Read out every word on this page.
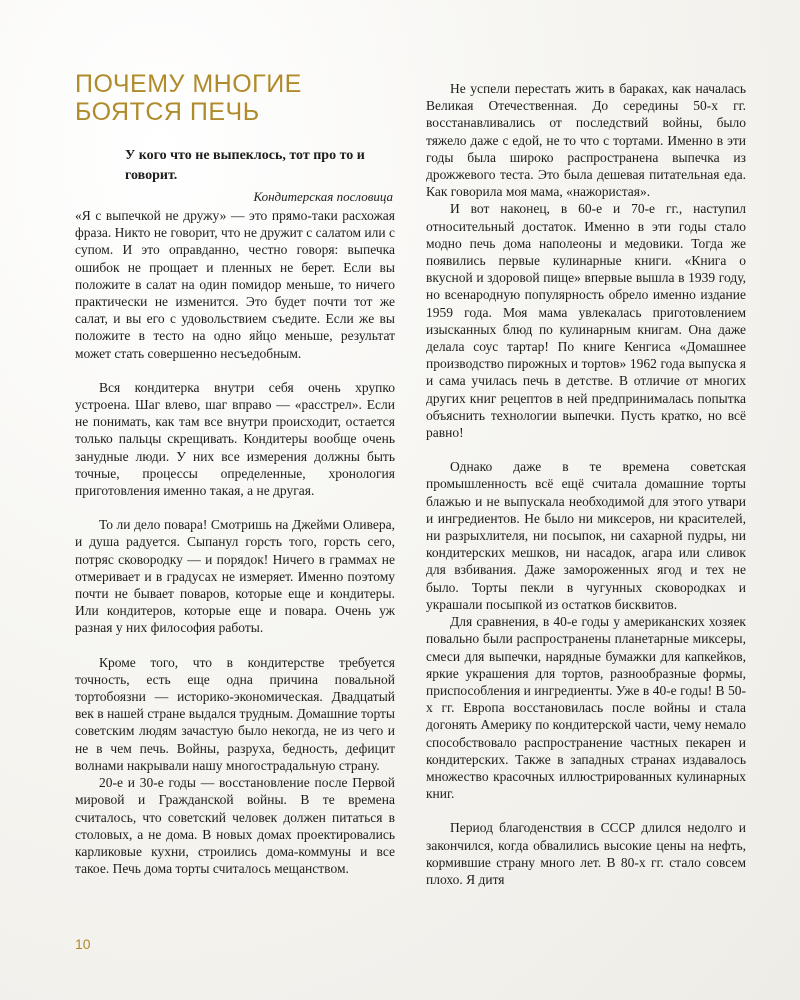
ПОЧЕМУ МНОГИЕ
БОЯТСЯ ПЕЧЬ

У кого что не выпеклось, тот про то и говорит.

Кондитерская пословица

«Я с выпечкой не дружу» — это прямо-таки расхожая фраза. Никто не говорит, что не дружит с салатом или с супом. И это оправданно, честно говоря: выпечка ошибок не прощает и пленных не берет. Если вы положите в салат на один помидор меньше, то ничего практически не изменится. Это будет почти тот же салат, и вы его с удовольствием съедите. Если же вы положите в тесто на одно яйцо меньше, результат может стать совершенно несъедобным.

Вся кондитерка внутри себя очень хрупко устроена. Шаг влево, шаг вправо — «расстрел». Если не понимать, как там все внутри происходит, остается только пальцы скрещивать. Кондитеры вообще очень занудные люди. У них все измерения должны быть точные, процессы определенные, хронология приготовления именно такая, а не другая.

То ли дело повара! Смотришь на Джейми Оливера, и душа радуется. Сыпанул горсть того, горсть сего, потряс сковородку — и порядок! Ничего в граммах не отмеривает и в градусах не измеряет. Именно поэтому почти не бывает поваров, которые еще и кондитеры. Или кондитеров, которые еще и повара. Очень уж разная у них философия работы.

Кроме того, что в кондитерстве требуется точность, есть еще одна причина повальной тортобоязни — историко-экономическая. Двадцатый век в нашей стране выдался трудным. Домашние торты советским людям зачастую было некогда, не из чего и не в чем печь. Войны, разруха, бедность, дефицит волнами накрывали нашу многострадальную страну.

20-е и 30-е годы — восстановление после Первой мировой и Гражданской войны. В те времена считалось, что советский человек должен питаться в столовых, а не дома. В новых домах проектировались карликовые кухни, строились дома-коммуны и все такое. Печь дома торты считалось мещанством.

Не успели перестать жить в бараках, как началась Великая Отечественная. До середины 50-х гг. восстанавливались от последствий войны, было тяжело даже с едой, не то что с тортами. Именно в эти годы была широко распространена выпечка из дрожжевого теста. Это была дешевая питательная еда. Как говорила моя мама, «нажористая».

И вот наконец, в 60-е и 70-е гг., наступил относительный достаток. Именно в эти годы стало модно печь дома наполеоны и медовики. Тогда же появились первые кулинарные книги. «Книга о вкусной и здоровой пище» впервые вышла в 1939 году, но всенародную популярность обрело именно издание 1959 года. Моя мама увлекалась приготовлением изысканных блюд по кулинарным книгам. Она даже делала соус тартар! По книге Кенгиса «Домашнее производство пирожных и тортов» 1962 года выпуска я и сама училась печь в детстве. В отличие от многих других книг рецептов в ней предпринималась попытка объяснить технологии выпечки. Пусть кратко, но всё равно!

Однако даже в те времена советская промышленность всё ещё считала домашние торты блажью и не выпускала необходимой для этого утвари и ингредиентов. Не было ни миксеров, ни красителей, ни разрыхлителя, ни посыпок, ни сахарной пудры, ни кондитерских мешков, ни насадок, агара или сливок для взбивания. Даже замороженных ягод и тех не было. Торты пекли в чугунных сковородках и украшали посыпкой из остатков бисквитов.

Для сравнения, в 40-е годы у американских хозяек повально были распространены планетарные миксеры, смеси для выпечки, нарядные бумажки для капкейков, яркие украшения для тортов, разнообразные формы, приспособления и ингредиенты. Уже в 40-е годы! В 50-х гг. Европа восстановилась после войны и стала догонять Америку по кондитерской части, чему немало способствовало распространение частных пекарен и кондитерских. Также в западных странах издавалось множество красочных иллюстрированных кулинарных книг.

Период благоденствия в СССР длился недолго и закончился, когда обвалились высокие цены на нефть, кормившие страну много лет. В 80-х гг. стало совсем плохо. Я дитя

10
